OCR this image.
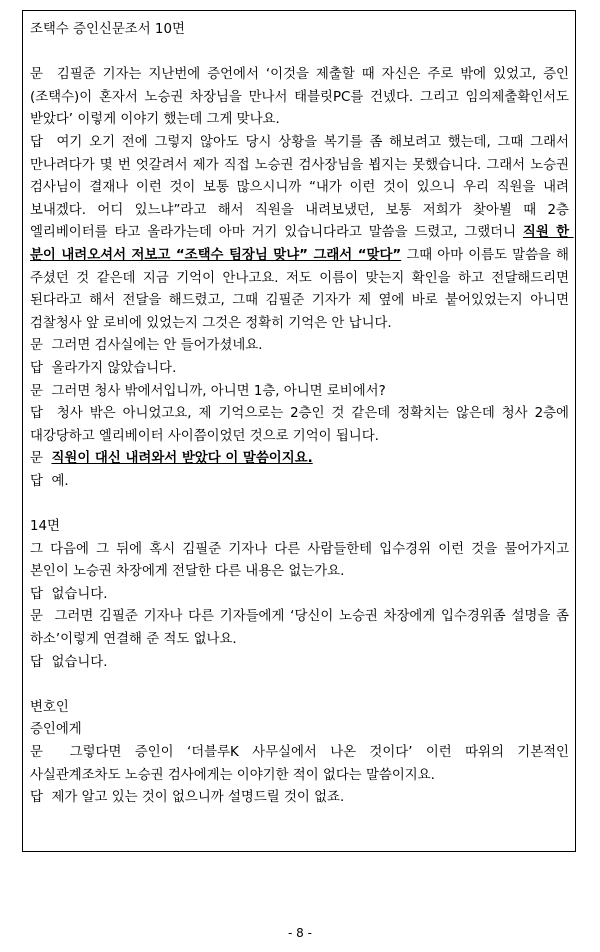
조택수 증인신문조서 10면

문  김필준 기자는 지난번에 증언에서 ‘이것을 제출할 때 자신은 주로 밖에 있었고, 증인(조택수)이 혼자서 노승권 차장님을 만나서 태블릿PC를 건넸다. 그리고 임의제출확인서도 받았다’ 이렇게 이야기 했는데 그게 맞나요.

답  여기 오기 전에 그렇지 않아도 당시 상황을 복기를 좀 해보려고 했는데, 그때 그래서 만나려다가 몇 번 엇갈려서 제가 직접 노승권 검사장님을 뵙지는 못했습니다. 그래서 노승권 검사님이 결재나 이런 것이 보통 많으시니까 “내가 이런 것이 있으니 우리 직원을 내려 보내겠다. 어디 있느냐”라고 해서 직원을 내려보냈던, 보통 저희가 찾아뵐 때 2층 엘리베이터를 타고 올라가는데 아마 거기 있습니다라고 말씀을 드렸고, 그랬더니 직원 한 분이 내려오셔서 저보고 “조택수 팀장님 맞냐” 그래서 “맞다” 그때 아마 이름도 말씀을 해 주셨던 것 같은데 지금 기억이 안나고요. 저도 이름이 맞는지 확인을 하고 전달해드리면 된다라고 해서 전달을 해드렸고, 그때 김필준 기자가 제 옆에 바로 붙어있었는지 아니면 검찰청사 앞 로비에 있었는지 그것은 정확히 기억은 안 납니다.

문  그러면 검사실에는 안 들어가셨네요.

답  올라가지 않았습니다.

문  그러면 청사 밖에서입니까, 아니면 1층, 아니면 로비에서?

답  청사 밖은 아니었고요, 제 기억으로는 2층인 것 같은데 정확치는 않은데 청사 2층에 대강당하고 엘리베이터 사이쯤이었던 것으로 기억이 됩니다.

문  직원이 대신 내려와서 받았다 이 말씀이지요.

답  예.

14면

그 다음에 그 뒤에 혹시 김필준 기자나 다른 사람들한테 입수경위 이런 것을 물어가지고 본인이 노승권 차장에게 전달한 다른 내용은 없는가요.

답  없습니다.

문  그러면 김필준 기자나 다른 기자들에게 ‘당신이 노승권 차장에게 입수경위좀 설명을 좀 하소’이렇게 연결해 준 적도 없나요.

답  없습니다.

변호인

증인에게

문  그렇다면 증인이 ‘더블루K 사무실에서 나온 것이다’ 이런 따위의 기본적인 사실관계조차도 노승권 검사에게는 이야기한 적이 없다는 말씀이지요.

답  제가 알고 있는 것이 없으니까 설명드릴 것이 없죠.

- 8 -
